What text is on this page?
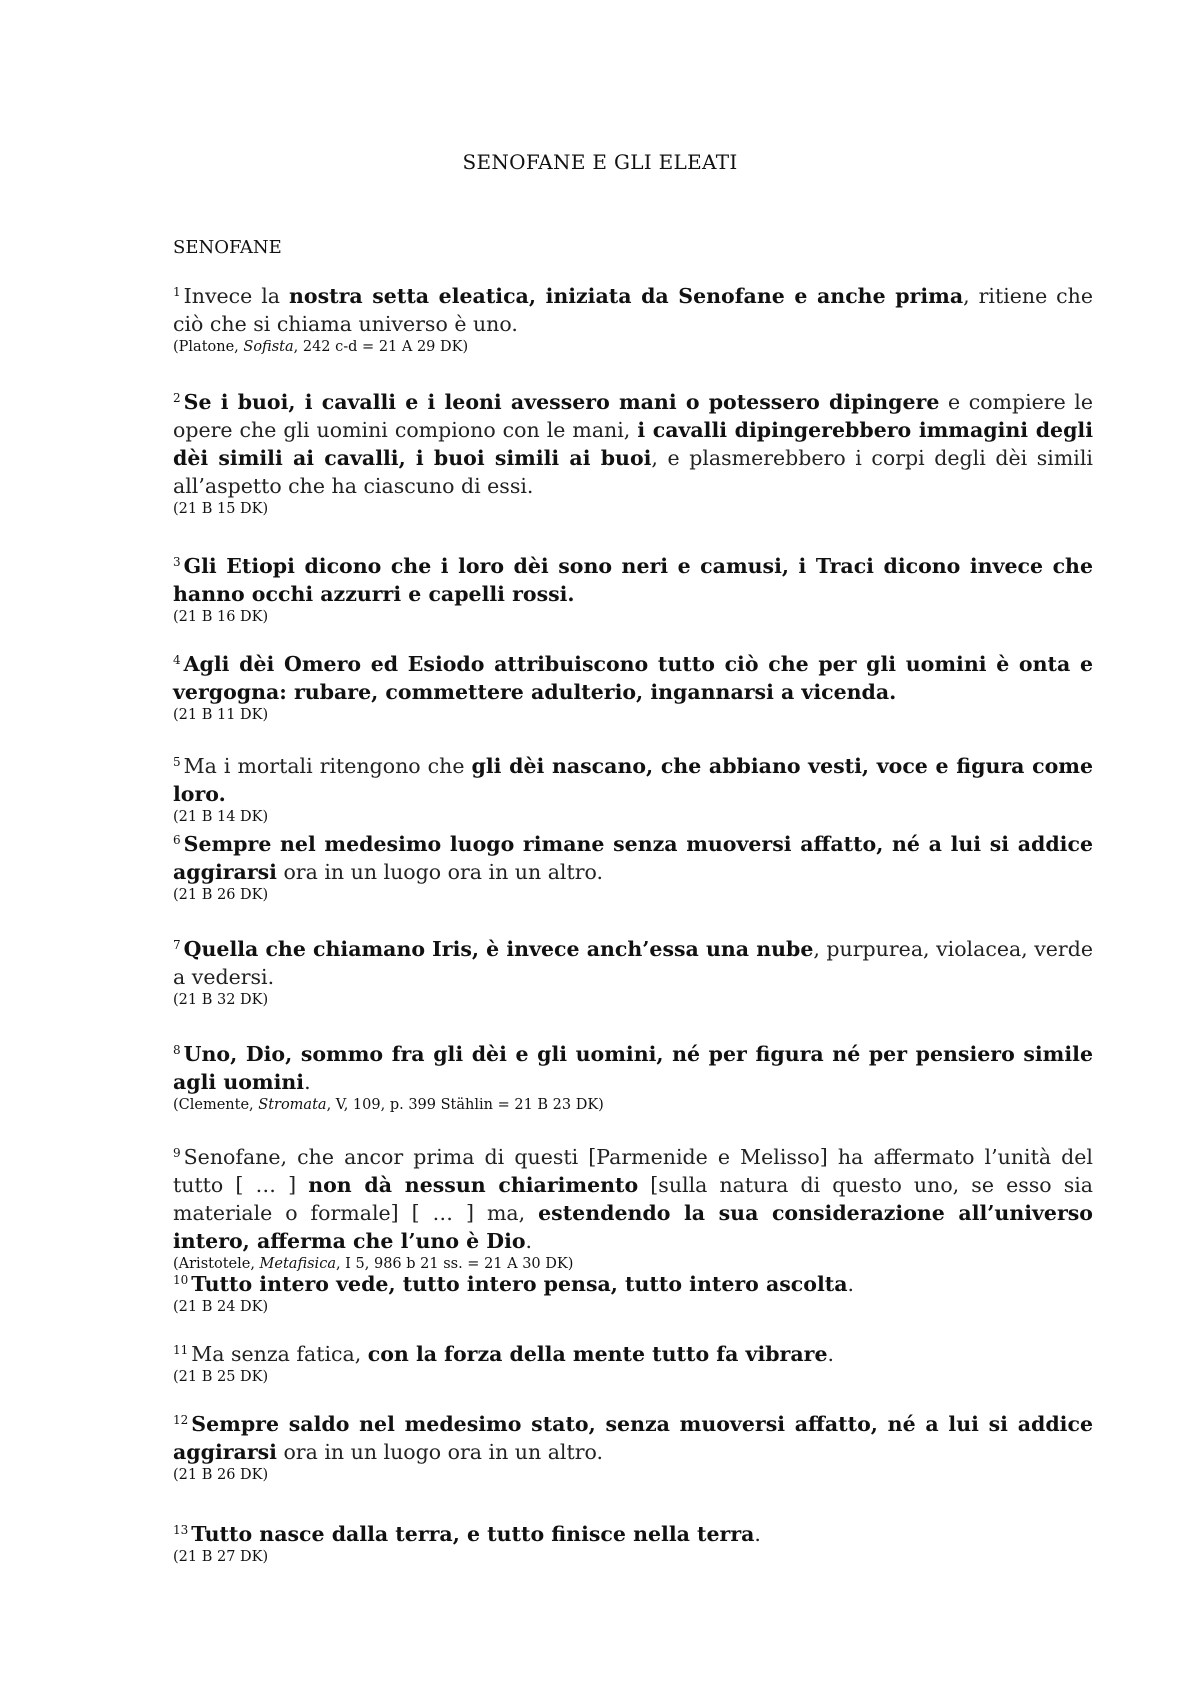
SENOFANE E GLI ELEATI
SENOFANE
$^1$ Invece la nostra setta eleatica, iniziata da Senofane e anche prima, ritiene che ciò che si chiama universo è uno.
(Platone, Sofista, 242 c-d = 21 A 29 DK)
$^2$ Se i buoi, i cavalli e i leoni avessero mani o potessero dipingere e compiere le opere che gli uomini compiono con le mani, i cavalli dipingerebbero immagini degli dèi simili ai cavalli, i buoi simili ai buoi, e plasmerebbero i corpi degli dèi simili all’aspetto che ha ciascuno di essi.
(21 B 15 DK)
$^3$ Gli Etiopi dicono che i loro dèi sono neri e camusi, i Traci dicono invece che hanno occhi azzurri e capelli rossi.
(21 B 16 DK)
$^4$ Agli dèi Omero ed Esiodo attribuiscono tutto ciò che per gli uomini è onta e vergogna: rubare, commettere adulterio, ingannarsi a vicenda.
(21 B 11 DK)
$^5$ Ma i mortali ritengono che gli dèi nascano, che abbiano vesti, voce e figura come loro.
(21 B 14 DK)
$^6$ Sempre nel medesimo luogo rimane senza muoversi affatto, né a lui si addice aggirarsi ora in un luogo ora in un altro.
(21 B 26 DK)
$^7$ Quella che chiamano Iris, è invece anch’essa una nube, purpurea, violacea, verde a vedersi.
(21 B 32 DK)
$^8$ Uno, Dio, sommo fra gli dèi e gli uomini, né per figura né per pensiero simile agli uomini.
(Clemente, Stromata, V, 109, p. 399 Stählin = 21 B 23 DK)
$^9$ Senofane, che ancor prima di questi [Parmenide e Melisso] ha affermato l’unità del tutto [ … ] non dà nessun chiarimento [sulla natura di questo uno, se esso sia materiale o formale] [ … ] ma, estendendo la sua considerazione all’universo intero, afferma che l’uno è Dio.
(Aristotele, Metafisica, I 5, 986 b 21 ss. = 21 A 30 DK)
$^{10}$ Tutto intero vede, tutto intero pensa, tutto intero ascolta.
(21 B 24 DK)
$^{11}$ Ma senza fatica, con la forza della mente tutto fa vibrare.
(21 B 25 DK)
$^{12}$ Sempre saldo nel medesimo stato, senza muoversi affatto, né a lui si addice aggirarsi ora in un luogo ora in un altro.
(21 B 26 DK)
$^{13}$ Tutto nasce dalla terra, e tutto finisce nella terra.
(21 B 27 DK)
